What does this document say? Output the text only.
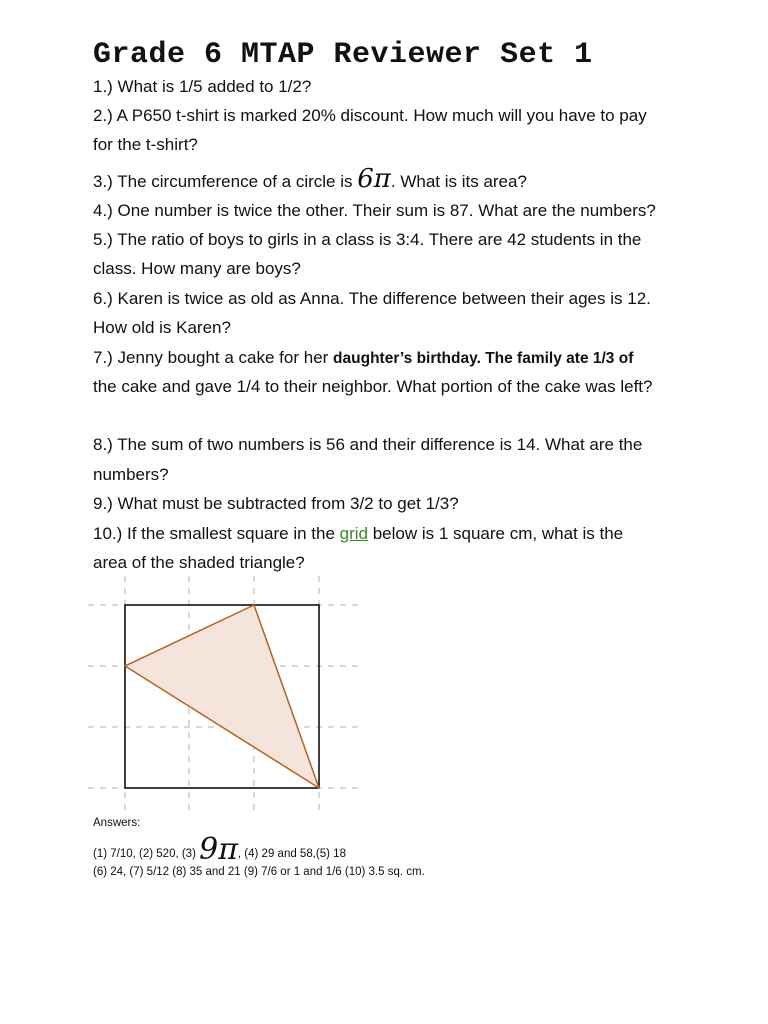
Grade 6 MTAP Reviewer Set 1
1.) What is 1/5 added to 1/2?
2.) A P650 t-shirt is marked 20% discount. How much will you have to pay
for the t-shirt?
3.) The circumference of a circle is 6π. What is its area?
4.) One number is twice the other. Their sum is 87. What are the numbers?
5.) The ratio of boys to girls in a class is 3:4. There are 42 students in the
class. How many are boys?
6.) Karen is twice as old as Anna. The difference between their ages is 12.
How old is Karen?
7.) Jenny bought a cake for her daughter’s birthday. The family ate 1/3 of
the cake and gave 1/4 to their neighbor. What portion of the cake was left?
8.) The sum of two numbers is 56 and their difference is 14. What are the
numbers?
9.) What must be subtracted from 3/2 to get 1/3?
10.) If the smallest square in the grid below is 1 square cm, what is the
area of the shaded triangle?
Answers:
(1) 7/10, (2) 520, (3) 9π, (4) 29 and 58,(5) 18
(6) 24, (7) 5/12 (8) 35 and 21 (9) 7/6 or 1 and 1/6 (10) 3.5 sq. cm.
